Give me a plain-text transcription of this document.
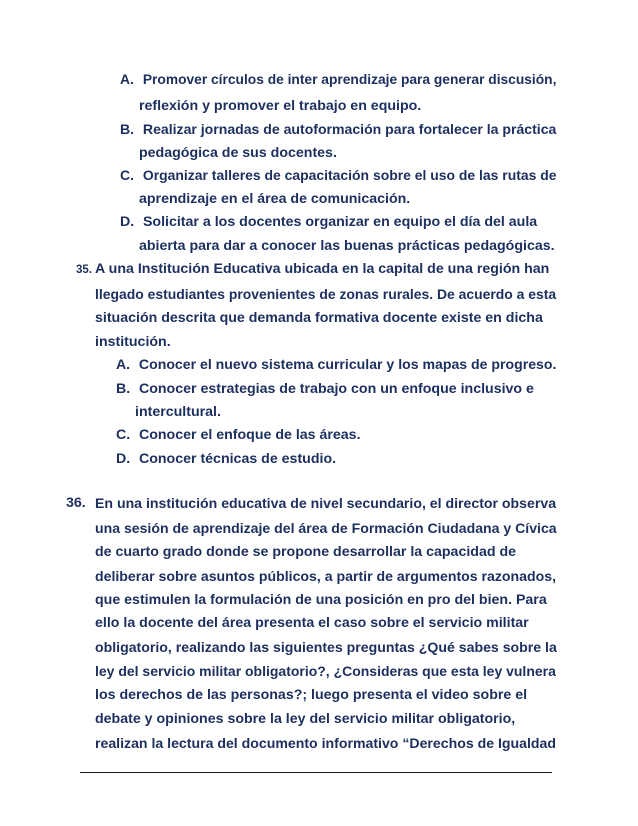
A. Promover círculos de inter aprendizaje para generar discusión,
reflexión y promover el trabajo en equipo.
B. Realizar jornadas de autoformación para fortalecer la práctica
pedagógica de sus docentes.
C. Organizar talleres de capacitación sobre el uso de las rutas de
aprendizaje en el área de comunicación.
D. Solicitar a los docentes organizar en equipo el día del aula
abierta para dar a conocer las buenas prácticas pedagógicas.
35. A una Institución Educativa ubicada en la capital de una región han
llegado estudiantes provenientes de zonas rurales. De acuerdo a esta
situación descrita que demanda formativa docente existe en dicha
institución.
A. Conocer el nuevo sistema curricular y los mapas de progreso.
B. Conocer estrategias de trabajo con un enfoque inclusivo e
intercultural.
C. Conocer el enfoque de las áreas.
D. Conocer técnicas de estudio.
36. En una institución educativa de nivel secundario, el director observa
una sesión de aprendizaje del área de Formación Ciudadana y Cívica
de cuarto grado donde se propone desarrollar la capacidad de
deliberar sobre asuntos públicos, a partir de argumentos razonados,
que estimulen la formulación de una posición en pro del bien. Para
ello la docente del área presenta el caso sobre el servicio militar
obligatorio, realizando las siguientes preguntas ¿Qué sabes sobre la
ley del servicio militar obligatorio?, ¿Consideras que esta ley vulnera
los derechos de las personas?; luego presenta el video sobre el
debate y opiniones sobre la ley del servicio militar obligatorio,
realizan la lectura del documento informativo “Derechos de Igualdad
